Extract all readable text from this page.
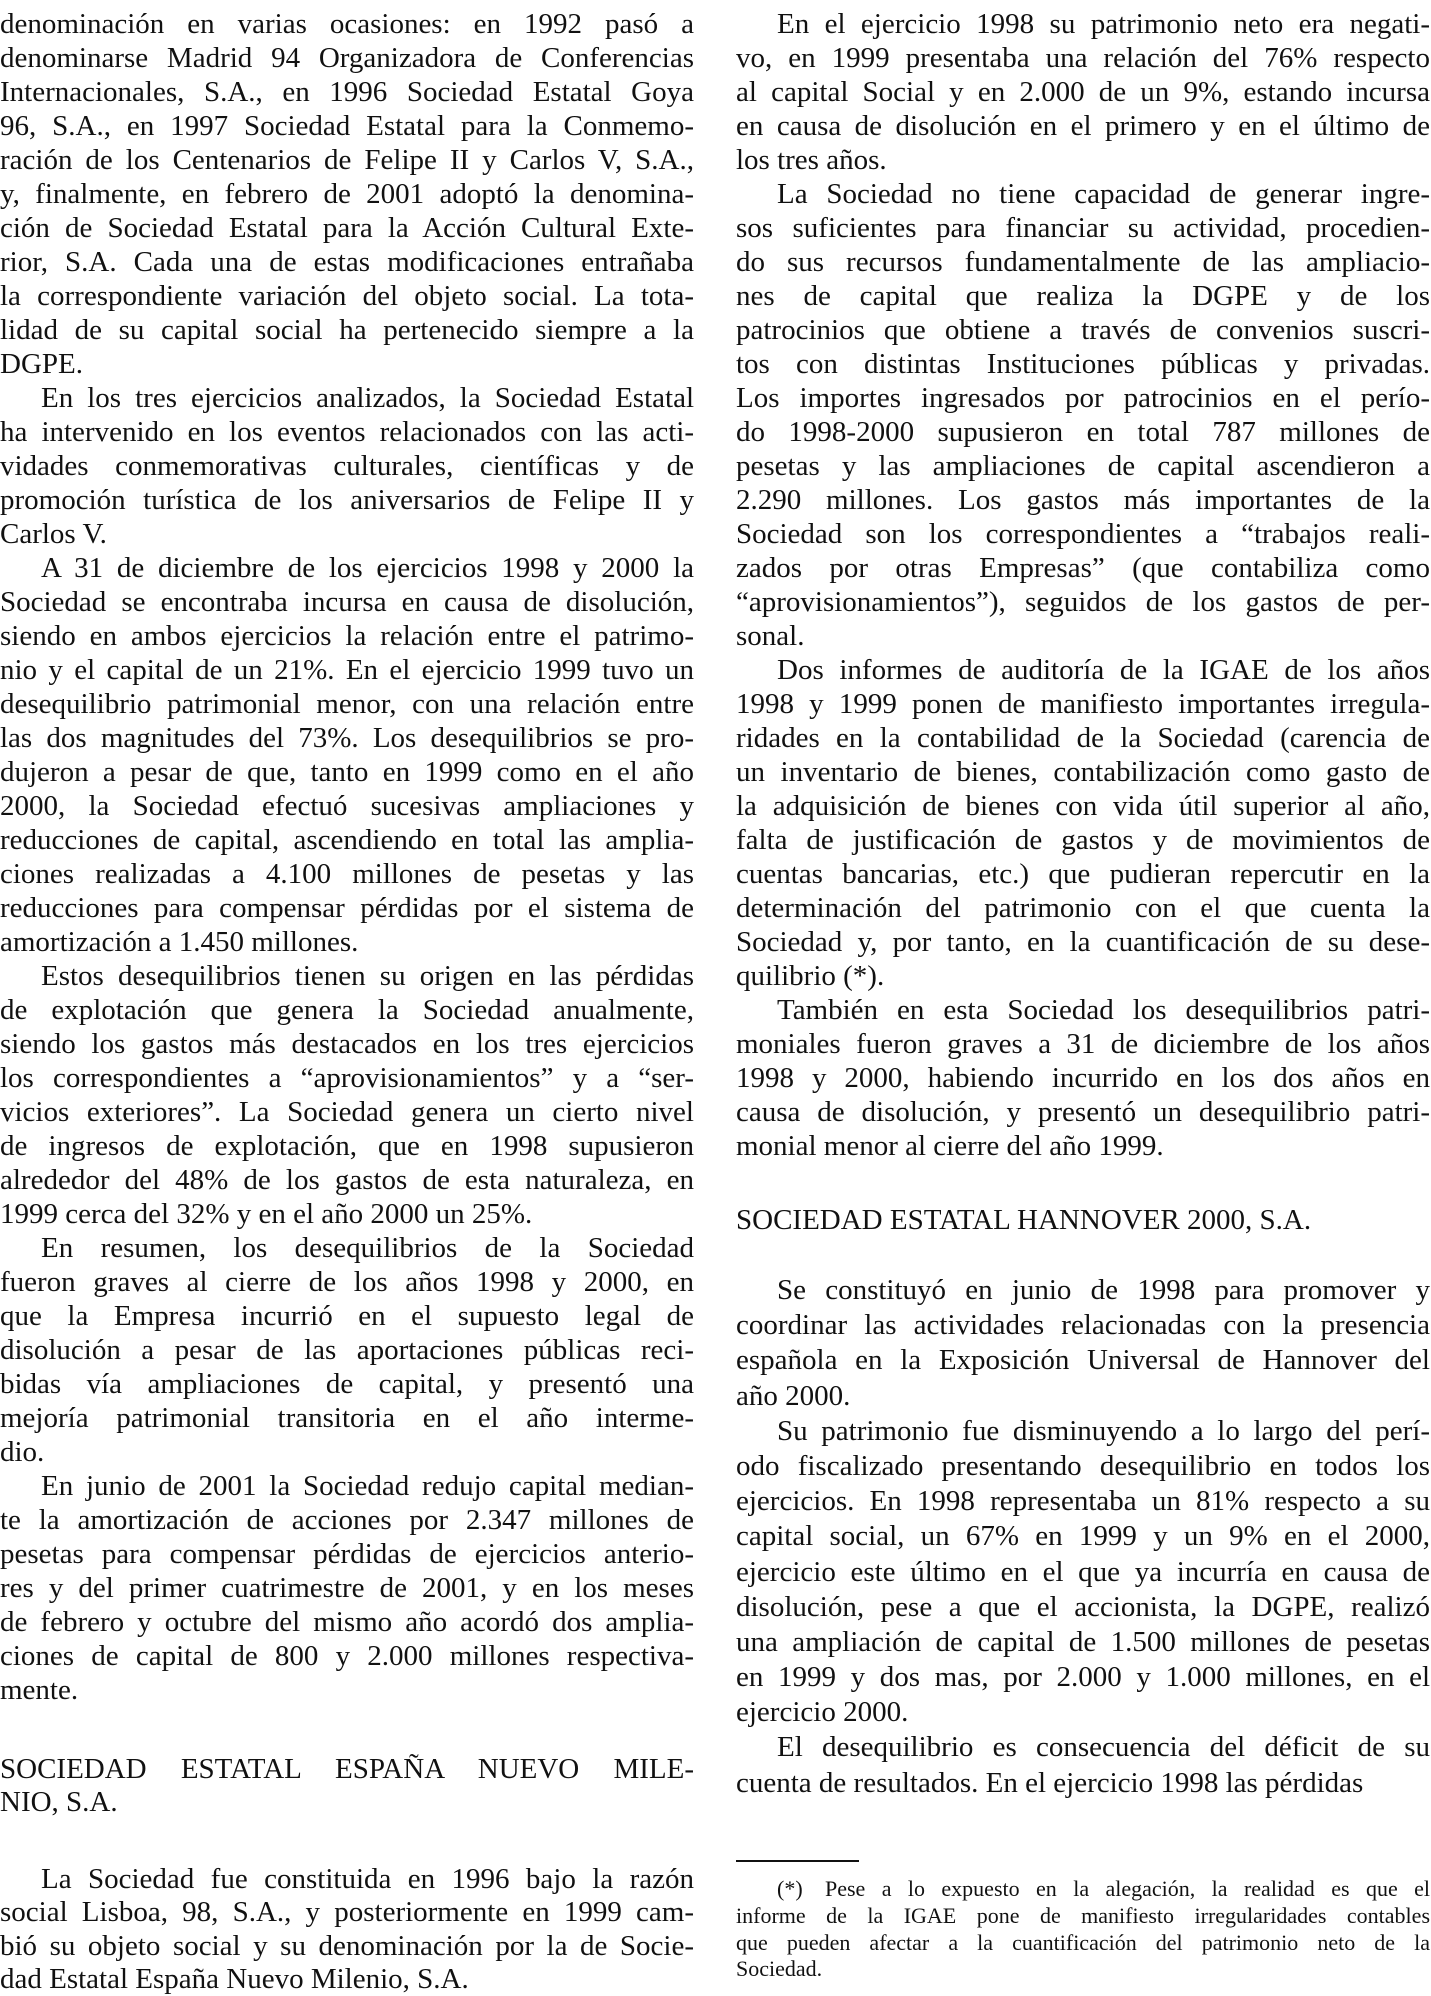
denominación en varias ocasiones: en 1992 pasó a
denominarse Madrid 94 Organizadora de Conferencias
Internacionales, S.A., en 1996 Sociedad Estatal Goya
96, S.A., en 1997 Sociedad Estatal para la Conmemo-
ración de los Centenarios de Felipe II y Carlos V, S.A.,
y, finalmente, en febrero de 2001 adoptó la denomina-
ción de Sociedad Estatal para la Acción Cultural Exte-
rior, S.A. Cada una de estas modificaciones entrañaba
la correspondiente variación del objeto social. La tota-
lidad de su capital social ha pertenecido siempre a la
DGPE.
En los tres ejercicios analizados, la Sociedad Estatal
ha intervenido en los eventos relacionados con las acti-
vidades conmemorativas culturales, científicas y de
promoción turística de los aniversarios de Felipe II y
Carlos V.
A 31 de diciembre de los ejercicios 1998 y 2000 la
Sociedad se encontraba incursa en causa de disolución,
siendo en ambos ejercicios la relación entre el patrimo-
nio y el capital de un 21%. En el ejercicio 1999 tuvo un
desequilibrio patrimonial menor, con una relación entre
las dos magnitudes del 73%. Los desequilibrios se pro-
dujeron a pesar de que, tanto en 1999 como en el año
2000, la Sociedad efectuó sucesivas ampliaciones y
reducciones de capital, ascendiendo en total las amplia-
ciones realizadas a 4.100 millones de pesetas y las
reducciones para compensar pérdidas por el sistema de
amortización a 1.450 millones.
Estos desequilibrios tienen su origen en las pérdidas
de explotación que genera la Sociedad anualmente,
siendo los gastos más destacados en los tres ejercicios
los correspondientes a “aprovisionamientos” y a “ser-
vicios exteriores”. La Sociedad genera un cierto nivel
de ingresos de explotación, que en 1998 supusieron
alrededor del 48% de los gastos de esta naturaleza, en
1999 cerca del 32% y en el año 2000 un 25%.
En resumen, los desequilibrios de la Sociedad
fueron graves al cierre de los años 1998 y 2000, en
que la Empresa incurrió en el supuesto legal de
disolución a pesar de las aportaciones públicas reci-
bidas vía ampliaciones de capital, y presentó una
mejoría patrimonial transitoria en el año interme-
dio.
En junio de 2001 la Sociedad redujo capital median-
te la amortización de acciones por 2.347 millones de
pesetas para compensar pérdidas de ejercicios anterio-
res y del primer cuatrimestre de 2001, y en los meses
de febrero y octubre del mismo año acordó dos amplia-
ciones de capital de 800 y 2.000 millones respectiva-
mente.
SOCIEDAD ESTATAL ESPAÑA NUEVO MILE-
NIO, S.A.
La Sociedad fue constituida en 1996 bajo la razón
social Lisboa, 98, S.A., y posteriormente en 1999 cam-
bió su objeto social y su denominación por la de Socie-
dad Estatal España Nuevo Milenio, S.A.
En el ejercicio 1998 su patrimonio neto era negati-
vo, en 1999 presentaba una relación del 76% respecto
al capital Social y en 2.000 de un 9%, estando incursa
en causa de disolución en el primero y en el último de
los tres años.
La Sociedad no tiene capacidad de generar ingre-
sos suficientes para financiar su actividad, procedien-
do sus recursos fundamentalmente de las ampliacio-
nes de capital que realiza la DGPE y de los
patrocinios que obtiene a través de convenios suscri-
tos con distintas Instituciones públicas y privadas.
Los importes ingresados por patrocinios en el perío-
do 1998-2000 supusieron en total 787 millones de
pesetas y las ampliaciones de capital ascendieron a
2.290 millones. Los gastos más importantes de la
Sociedad son los correspondientes a “trabajos reali-
zados por otras Empresas” (que contabiliza como
“aprovisionamientos”), seguidos de los gastos de per-
sonal.
Dos informes de auditoría de la IGAE de los años
1998 y 1999 ponen de manifiesto importantes irregula-
ridades en la contabilidad de la Sociedad (carencia de
un inventario de bienes, contabilización como gasto de
la adquisición de bienes con vida útil superior al año,
falta de justificación de gastos y de movimientos de
cuentas bancarias, etc.) que pudieran repercutir en la
determinación del patrimonio con el que cuenta la
Sociedad y, por tanto, en la cuantificación de su dese-
quilibrio (*).
También en esta Sociedad los desequilibrios patri-
moniales fueron graves a 31 de diciembre de los años
1998 y 2000, habiendo incurrido en los dos años en
causa de disolución, y presentó un desequilibrio patri-
monial menor al cierre del año 1999.
SOCIEDAD ESTATAL HANNOVER 2000, S.A.
Se constituyó en junio de 1998 para promover y
coordinar las actividades relacionadas con la presencia
española en la Exposición Universal de Hannover del
año 2000.
Su patrimonio fue disminuyendo a lo largo del perí-
odo fiscalizado presentando desequilibrio en todos los
ejercicios. En 1998 representaba un 81% respecto a su
capital social, un 67% en 1999 y un 9% en el 2000,
ejercicio este último en el que ya incurría en causa de
disolución, pese a que el accionista, la DGPE, realizó
una ampliación de capital de 1.500 millones de pesetas
en 1999 y dos mas, por 2.000 y 1.000 millones, en el
ejercicio 2000.
El desequilibrio es consecuencia del déficit de su
cuenta de resultados. En el ejercicio 1998 las pérdidas
(*) Pese a lo expuesto en la alegación, la realidad es que el
informe de la IGAE pone de manifiesto irregularidades contables
que pueden afectar a la cuantificación del patrimonio neto de la
Sociedad.
